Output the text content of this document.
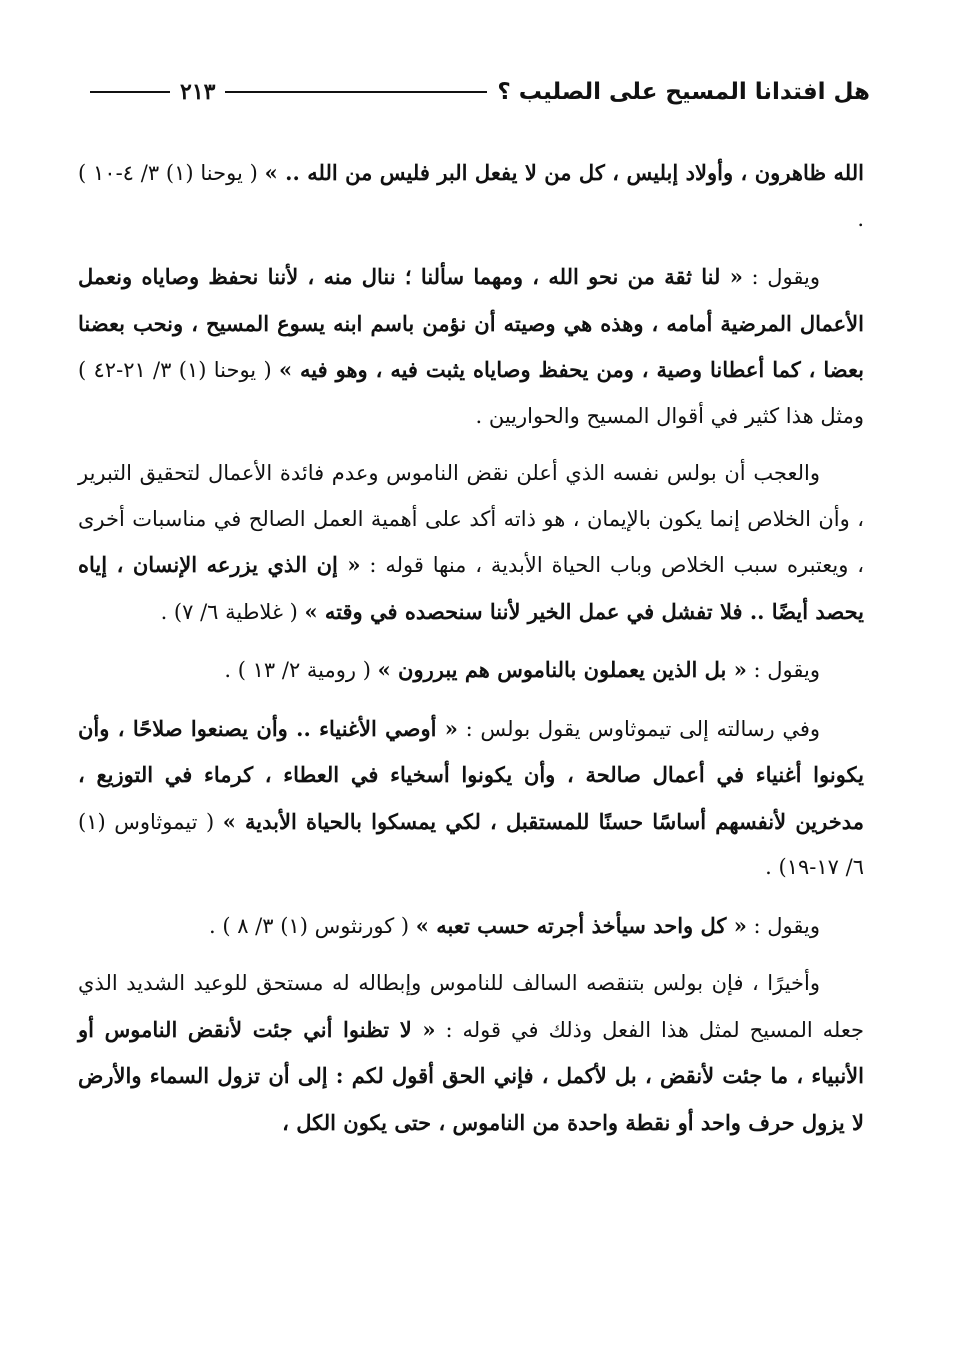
هل افتدانا المسيح على الصليب ؟
٢١٣

الله ظاهرون ، وأولاد إبليس ، كل من لا يفعل البر فليس من الله .. » ( يوحنا (١) ٣/ ٤-١٠ ) .

ويقول : « لنا ثقة من نحو الله ، ومهما سألنا ؛ ننال منه ، لأننا نحفظ وصاياه ونعمل الأعمال المرضية أمامه ، وهذه هي وصيته أن نؤمن باسم ابنه يسوع المسيح ، ونحب بعضنا بعضا ، كما أعطانا وصية ، ومن يحفظ وصاياه يثبت فيه ، وهو فيه » ( يوحنا (١) ٣/ ٢١-٤٢ ) ومثل هذا كثير في أقوال المسيح والحواريين .

والعجب أن بولس نفسه الذي أعلن نقض الناموس وعدم فائدة الأعمال لتحقيق التبرير ، وأن الخلاص إنما يكون بالإيمان ، هو ذاته أكد على أهمية العمل الصالح في مناسبات أخرى ، ويعتبره سبب الخلاص وباب الحياة الأبدية ، منها قوله : « إن الذي يزرعه الإنسان ، إياه يحصد أيضًا .. فلا تفشل في عمل الخير لأننا سنحصده في وقته » ( غلاطية ٦/ ٧) .

ويقول : « بل الذين يعملون بالناموس هم يبررون » ( رومية ٢/ ١٣ ) .

وفي رسالته إلى تيموثاوس يقول بولس : « أوصي الأغنياء .. وأن يصنعوا صلاحًا ، وأن يكونوا أغنياء في أعمال صالحة ، وأن يكونوا أسخياء في العطاء ، كرماء في التوزيع ، مدخرين لأنفسهم أساسًا حسنًا للمستقبل ، لكي يمسكوا بالحياة الأبدية » ( تيموثاوس (١) ٦/ ١٧-١٩) .

ويقول : « كل واحد سيأخذ أجرته حسب تعبه » ( كورنثوس (١) ٣/ ٨ ) .

وأخيرًا ، فإن بولس بتنقصه السالف للناموس وإبطاله له مستحق للوعيد الشديد الذي جعله المسيح لمثل هذا الفعل وذلك في قوله : « لا تظنوا أني جئت لأنقض الناموس أو الأنبياء ، ما جئت لأنقض ، بل لأكمل ، فإني الحق أقول لكم : إلى أن تزول السماء والأرض لا يزول حرف واحد أو نقطة واحدة من الناموس ، حتى يكون الكل ،
